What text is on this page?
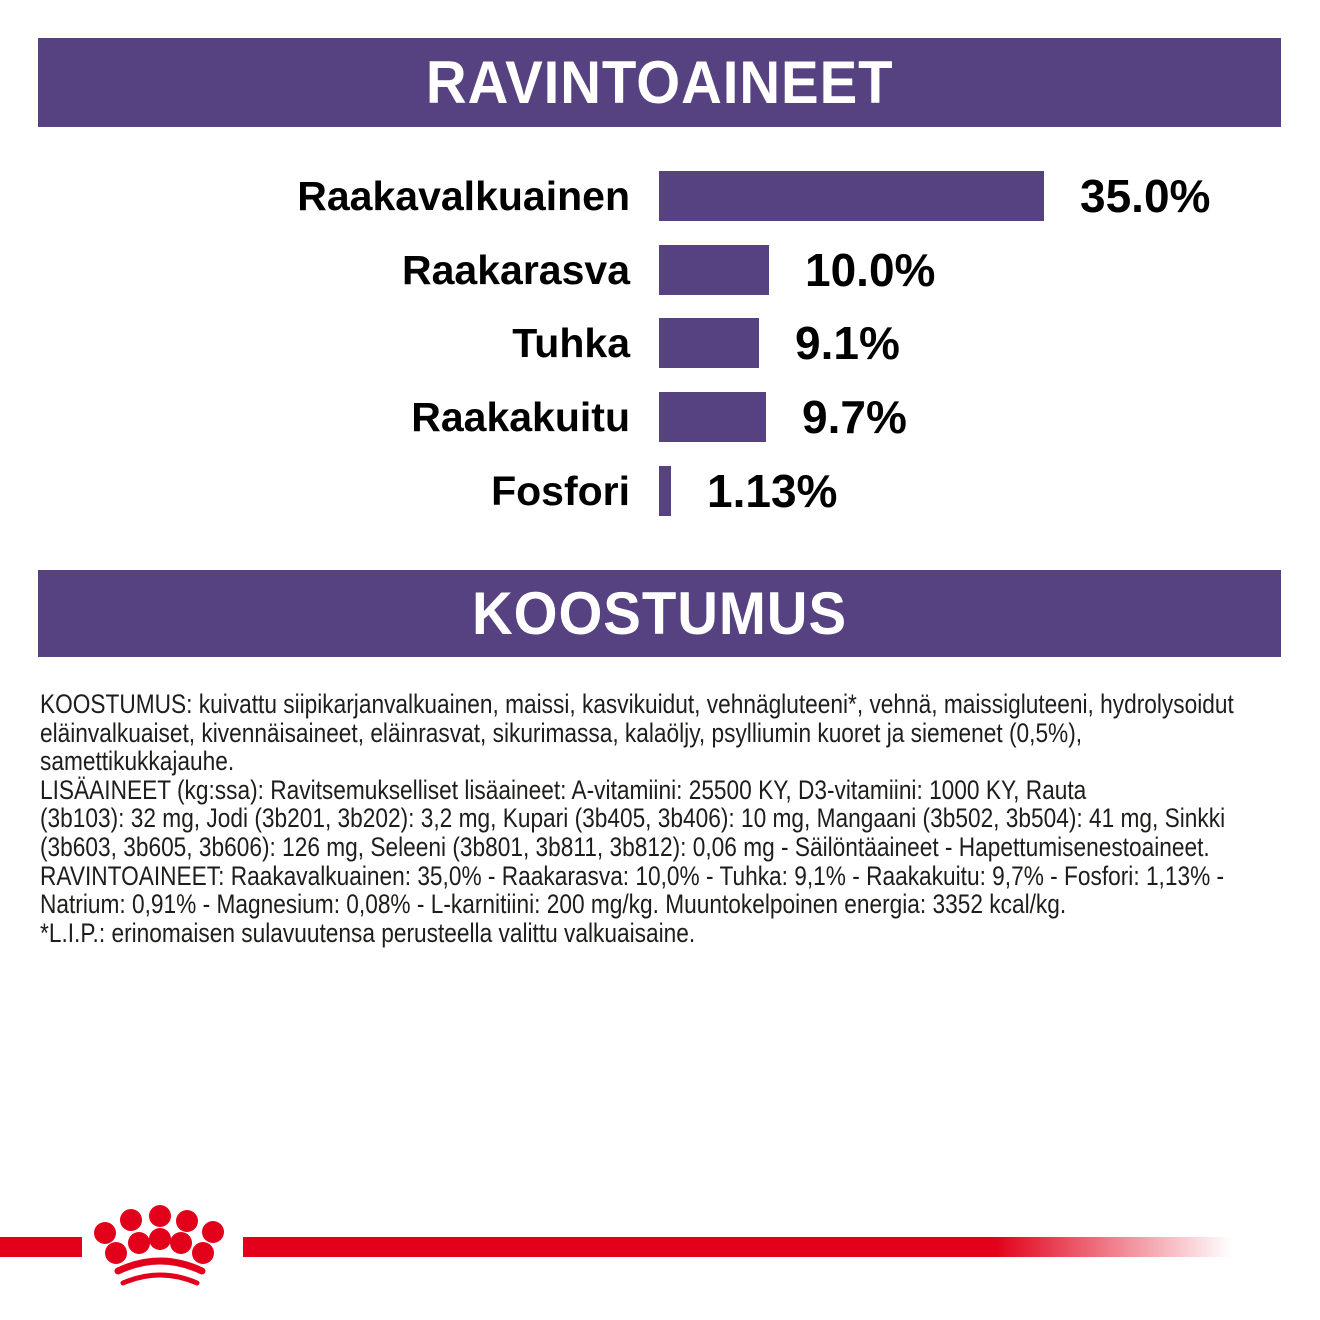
RAVINTOAINEET
Raakavalkuainen	35.0%
Raakarasva	10.0%
Tuhka	9.1%
Raakakuitu	9.7%
Fosfori 1.13%
KOOSTUMUS
KOOSTUMUS: kuivattu siipikarjanvalkuainen, maissi, kasvikuidut, vehnägluteeni*, vehnä, maissigluteeni, hydrolysoidut
eläinvalkuaiset, kivennäisaineet, eläinrasvat, sikurimassa, kalaöljy, psylliumin kuoret ja siemenet (0,5%),
samettikukkajauhe.
LISÄAINEET (kg:ssa): Ravitsemukselliset lisäaineet: A-vitamiini: 25500 KY, D3-vitamiini: 1000 KY, Rauta
(3b103): 32 mg, Jodi (3b201, 3b202): 3,2 mg, Kupari (3b405, 3b406): 10 mg, Mangaani (3b502, 3b504): 41 mg, Sinkki
(3b603, 3b605, 3b606): 126 mg, Seleeni (3b801, 3b811, 3b812): 0,06 mg - Säilöntäaineet - Hapettumisenestoaineet.
RAVINTOAINEET: Raakavalkuainen: 35,0% - Raakarasva: 10,0% - Tuhka: 9,1% - Raakakuitu: 9,7% - Fosfori: 1,13% -
Natrium: 0,91% - Magnesium: 0,08% - L-karnitiini: 200 mg/kg. Muuntokelpoinen energia: 3352 kcal/kg.
*L.I.P.: erinomaisen sulavuutensa perusteella valittu valkuaisaine.
